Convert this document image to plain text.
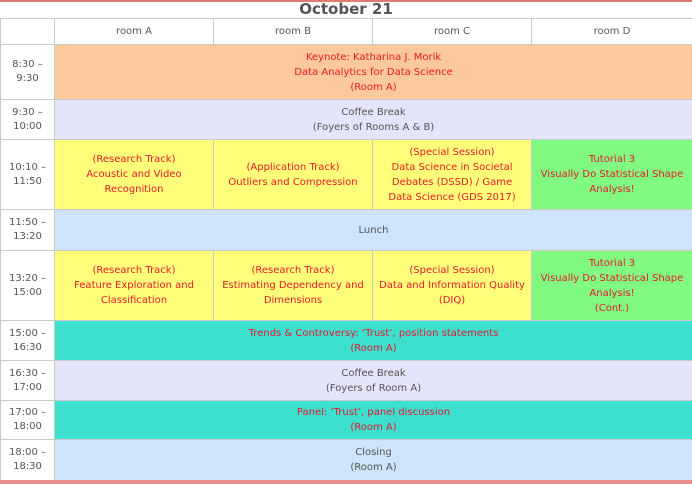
October 21
	room A	room B	room C	room D

8:30 –
9:30	Keynote: Katharina J. Morik
Data Analytics for Data Science
(Room A)			

9:30 –
10:00	Coffee Break
(Foyers of Rooms A & B)			

10:10 –
11:50	(Research Track)
Acoustic and Video
Recognition	(Application Track)
Outliers and Compression	(Special Session)
Data Science in Societal
Debates (DSSD) / Game
Data Science (GDS 2017)	Tutorial 3
Visually Do Statistical Shape
Analysis!

11:50 –
13:20	Lunch			

13:20 –
15:00	(Research Track)
Feature Exploration and
Classification	(Research Track)
Estimating Dependency and
Dimensions	(Special Session)
Data and Information Quality
(DIQ)	Tutorial 3
Visually Do Statistical Shape
Analysis!
(Cont.)

15:00 –
16:30	Trends & Controversy: ‘Trust’, position statements
(Room A)			

16:30 –
17:00	Coffee Break
(Foyers of Room A)			

17:00 –
18:00	Panel: ‘Trust’, panel discussion
(Room A)			

18:00 –
18:30	Closing
(Room A)			
